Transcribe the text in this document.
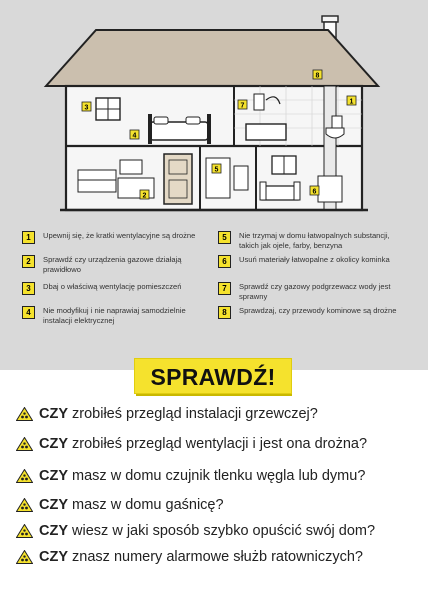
1
2
3
4
5
6
7
8
1	Upewnij się, że kratki wentylacyjne są drożne
2	Sprawdź czy urządzenia gazowe działają prawidłowo
3	Dbaj o właściwą wentylację pomieszczeń
4	Nie modyfikuj i nie naprawiaj samodzielnie instalacji elektrycznej
5	Nie trzymaj w domu łatwopalnych substancji, takich jak ojele, farby, benzyna
6	Usuń materiały łatwopalne z okolicy kominka
7	Sprawdź czy gazowy podgrzewacz wody jest sprawny
8	Sprawdzaj, czy przewody kominowe są drożne
SPRAWDŹ!
CZY zrobiłeś przegląd instalacji grzewczej?
CZY zrobiłeś przegląd wentylacji i jest ona drożna?
CZY masz w domu czujnik tlenku węgla lub dymu?
CZY masz w domu gaśnicę?
CZY wiesz w jaki sposób szybko opuścić swój dom?
CZY znasz numery alarmowe służb ratowniczych?
